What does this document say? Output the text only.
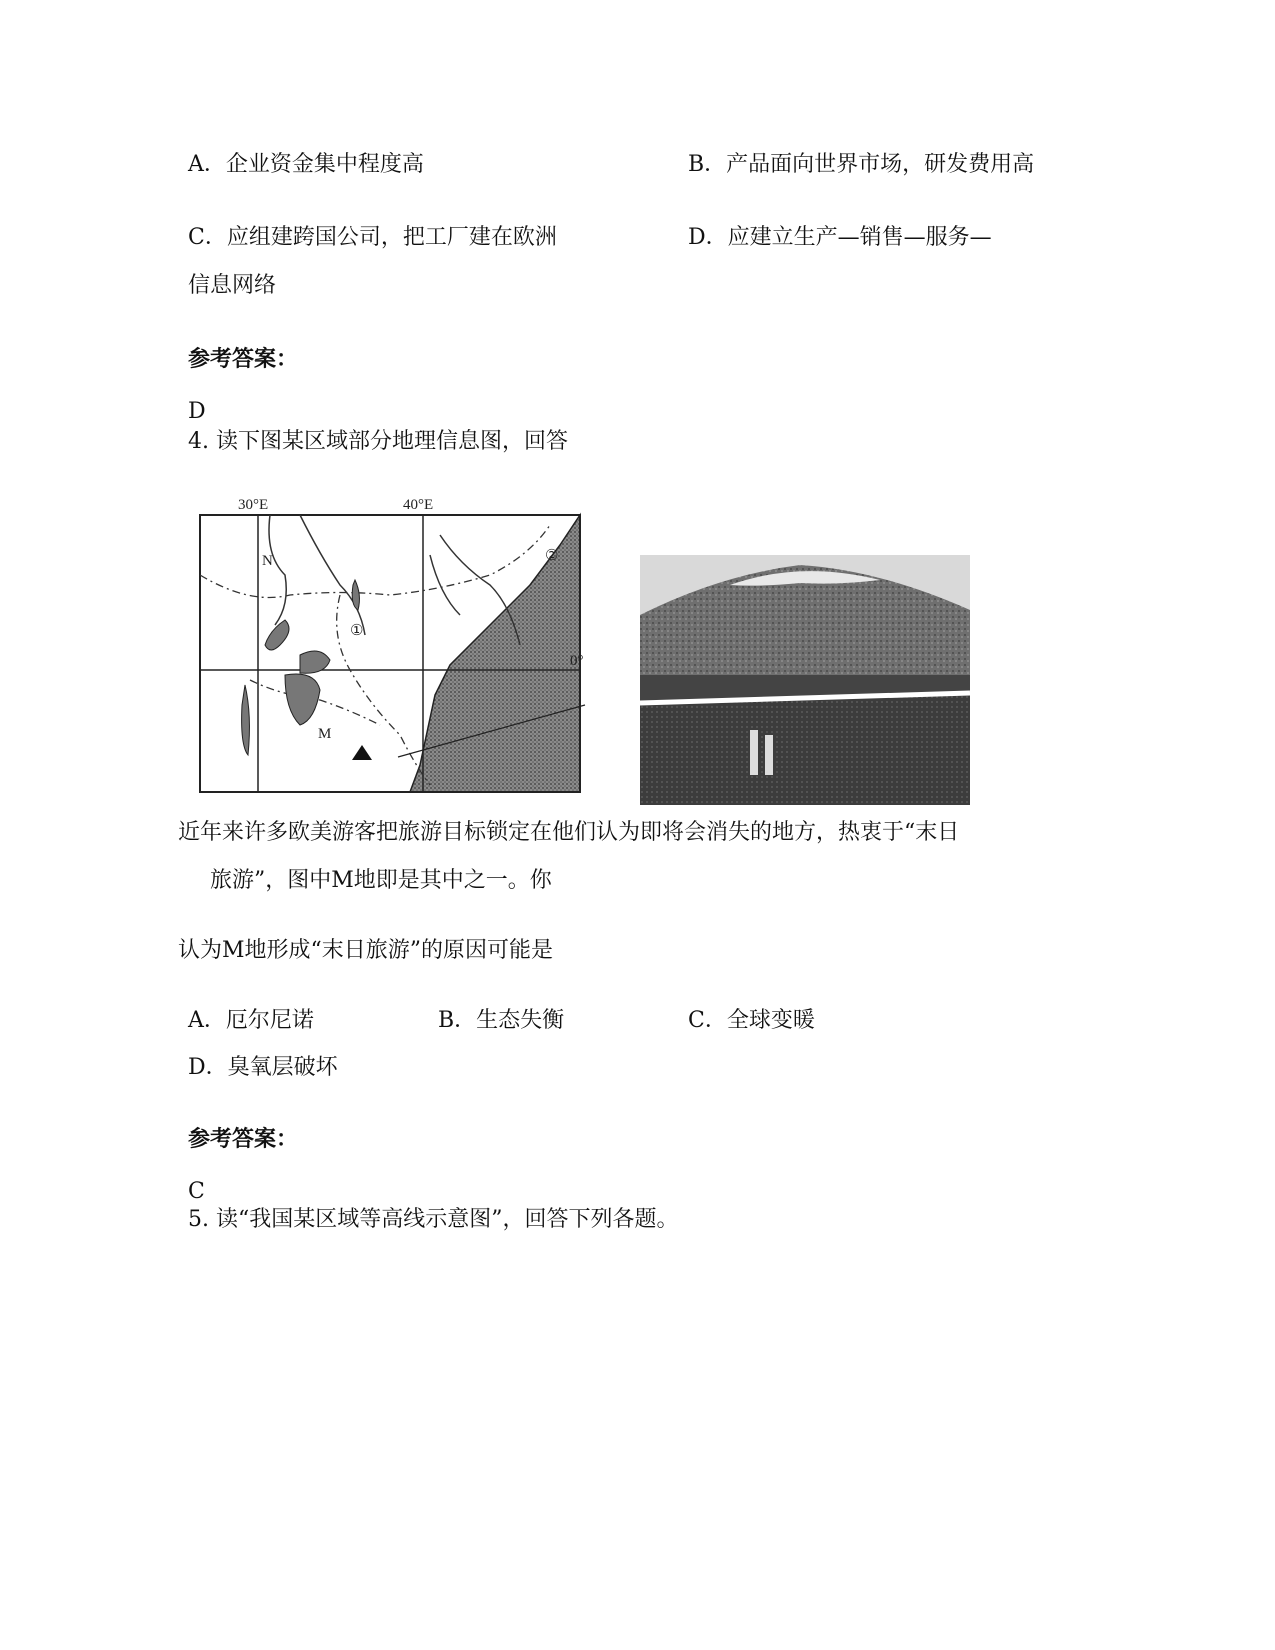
A．企业资金集中程度高	B．产品面向世界市场，研发费用高
C．应组建跨国公司，把工厂建在欧洲	D．应建立生产—销售—服务—
信息网络
参考答案：
D
4. 读下图某区域部分地理信息图，回答
30°E	40°E
0°
N
M
①
②
近年来许多欧美游客把旅游目标锁定在他们认为即将会消失的地方，热衷于“末日
旅游”，图中M地即是其中之一。你
认为M地形成“末日旅游”的原因可能是
A．厄尔尼诺	B．生态失衡	C．全球变暖
D．臭氧层破坏
参考答案：
C
5. 读“我国某区域等高线示意图”，回答下列各题。
